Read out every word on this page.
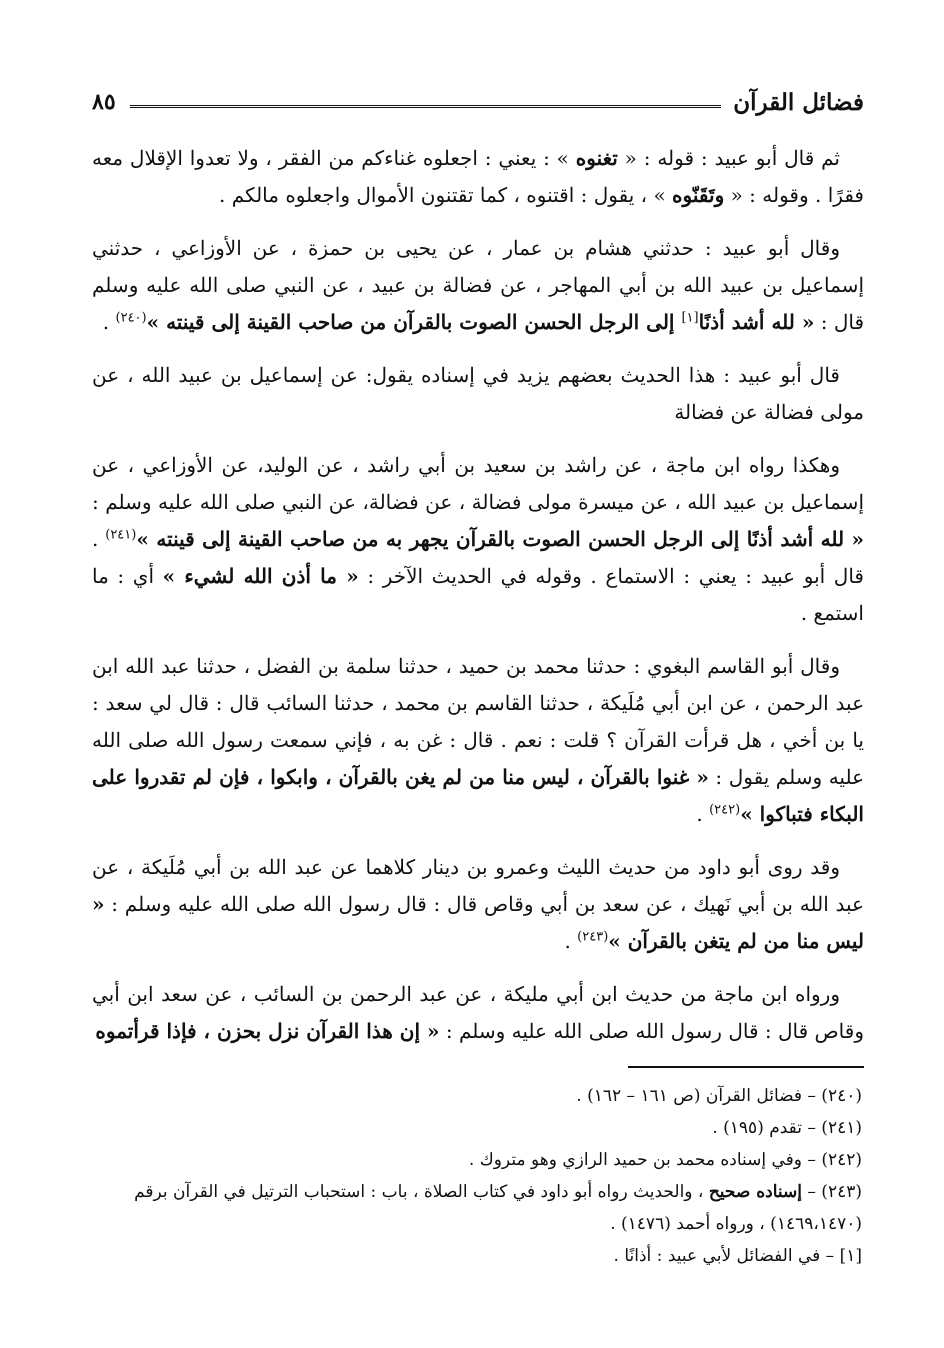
فضائل القرآن
٨٥

ثم قال أبو عبيد : قوله : « تغنوه » : يعني : اجعلوه غناءكم من الفقر ، ولا تعدوا الإقلال معه فقرًا . وقوله : « وتَقَنّوه » ، يقول : اقتنوه ، كما تقتنون الأموال واجعلوه مالكم .

وقال أبو عبيد : حدثني هشام بن عمار ، عن يحيى بن حمزة ، عن الأوزاعي ، حدثني إسماعيل بن عبيد الله بن أبي المهاجر ، عن فضالة بن عبيد ، عن النبي صلى الله عليه وسلم قال : « لله أشد أذنًا[١] إلى الرجل الحسن الصوت بالقرآن من صاحب القينة إلى قينته »$^{(٢٤٠)}$ .

قال أبو عبيد : هذا الحديث بعضهم يزيد في إسناده يقول: عن إسماعيل بن عبيد الله ، عن مولى فضالة عن فضالة

وهكذا رواه ابن ماجة ، عن راشد بن سعيد بن أبي راشد ، عن الوليد، عن الأوزاعي ، عن إسماعيل بن عبيد الله ، عن ميسرة مولى فضالة ، عن فضالة، عن النبي صلى الله عليه وسلم : « لله أشد أذنًا إلى الرجل الحسن الصوت بالقرآن يجهر به من صاحب القينة إلى قينته »$^{(٢٤١)}$ . قال أبو عبيد : يعني : الاستماع . وقوله في الحديث الآخر : « ما أذن الله لشيء » أي : ما استمع .

وقال أبو القاسم البغوي : حدثنا محمد بن حميد ، حدثنا سلمة بن الفضل ، حدثنا عبد الله ابن عبد الرحمن ، عن ابن أبي مُلَيكة ، حدثنا القاسم بن محمد ، حدثنا السائب قال : قال لي سعد : يا بن أخي ، هل قرأت القرآن ؟ قلت : نعم . قال : غن به ، فإني سمعت رسول الله صلى الله عليه وسلم يقول : « غنوا بالقرآن ، ليس منا من لم يغن بالقرآن ، وابكوا ، فإن لم تقدروا على البكاء فتباكوا »$^{(٢٤٢)}$ .

وقد روى أبو داود من حديث الليث وعمرو بن دينار كلاهما عن عبد الله بن أبي مُلَيكة ، عن عبد الله بن أبي نَهيك ، عن سعد بن أبي وقاص قال : قال رسول الله صلى الله عليه وسلم : « ليس منا من لم يتغن بالقرآن »$^{(٢٤٣)}$ .

ورواه ابن ماجة من حديث ابن أبي مليكة ، عن عبد الرحمن بن السائب ، عن سعد ابن أبي وقاص قال : قال رسول الله صلى الله عليه وسلم : « إن هذا القرآن نزل بحزن ، فإذا قرأتموه

(٢٤٠) – فضائل القرآن (ص ١٦١ – ١٦٢) .

(٢٤١) – تقدم (١٩٥) .

(٢٤٢) – وفي إسناده محمد بن حميد الرازي وهو متروك .

(٢٤٣) – إسناده صحيح ، والحديث رواه أبو داود في كتاب الصلاة ، باب : استحباب الترتيل في القرآن برقم (١٤٦٩،١٤٧٠) ، ورواه أحمد (١٤٧٦) .

[١] – في الفضائل لأبي عبيد : أذانًا .
